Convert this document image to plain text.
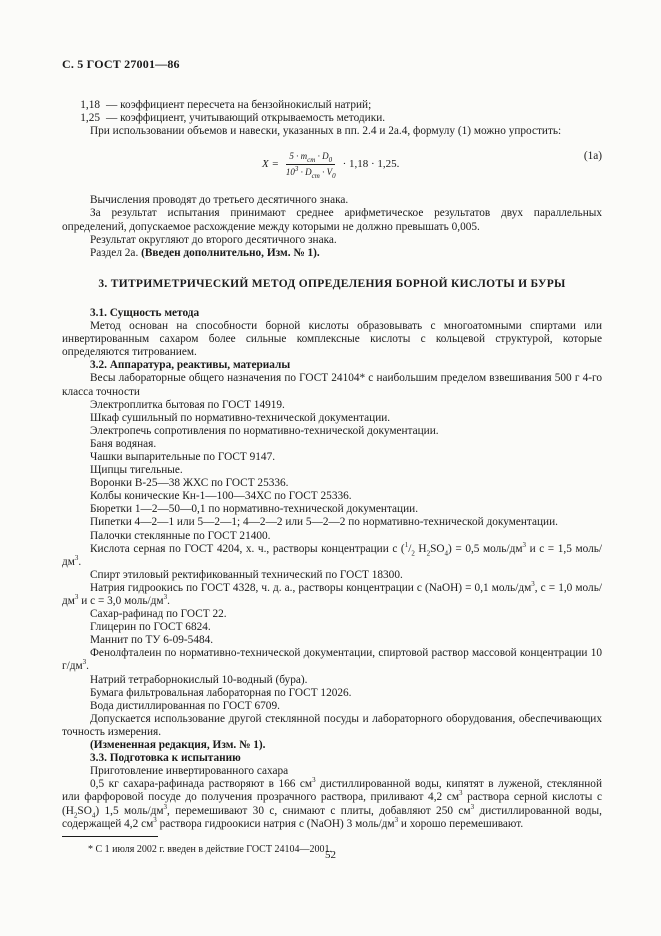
С. 5 ГОСТ 27001—86
1,18 — коэффициент пересчета на бензойнокислый натрий;
1,25 — коэффициент, учитывающий открываемость методики.

При использовании объемов и навески, указанных в пп. 2.4 и 2а.4, формулу (1) можно упростить:

$X = \frac{5 \cdot m_{ст} \cdot D_0}{10^3 \cdot D_{ст} \cdot V_0} \cdot 1,18 \cdot 1,25$.
(1а)

Вычисления проводят до третьего десятичного знака.

За результат испытания принимают среднее арифметическое результатов двух параллельных определений, допускаемое расхождение между которыми не должно превышать 0,005.

Результат округляют до второго десятичного знака.

Раздел 2а. (Введен дополнительно, Изм. № 1).

3. ТИТРИМЕТРИЧЕСКИЙ МЕТОД ОПРЕДЕЛЕНИЯ БОРНОЙ КИСЛОТЫ И БУРЫ

3.1. Сущность метода

Метод основан на способности борной кислоты образовывать с многоатомными спиртами или инвертированным сахаром более сильные комплексные кислоты с кольцевой структурой, которые определяются титрованием.

3.2. Аппаратура, реактивы, материалы

Весы лабораторные общего назначения по ГОСТ 24104* с наибольшим пределом взвешивания 500 г 4-го класса точности

Электроплитка бытовая по ГОСТ 14919.

Шкаф сушильный по нормативно-технической документации.

Электропечь сопротивления по нормативно-технической документации.

Баня водяная.

Чашки выпарительные по ГОСТ 9147.

Щипцы тигельные.

Воронки В-25—38 ЖХС по ГОСТ 25336.

Колбы конические Кн-1—100—34ХС по ГОСТ 25336.

Бюретки 1—2—50—0,1 по нормативно-технической документации.

Пипетки 4—2—1 или 5—2—1; 4—2—2 или 5—2—2 по нормативно-технической документации.

Палочки стеклянные по ГОСТ 21400.

Кислота серная по ГОСТ 4204, х. ч., растворы концентрации c ($^1/_2$ $H_2SO_4) = 0,5$ моль/$дм^3$ и c = 1,5 моль/$дм^3$.

Спирт этиловый ректификованный технический по ГОСТ 18300.

Натрия гидроокись по ГОСТ 4328, ч. д. а., растворы концентрации c (NaOH) = 0,1 моль/$дм^3$, c = 1,0 моль/$дм^3$ и c = 3,0 моль/$дм^3$.

Сахар-рафинад по ГОСТ 22.

Глицерин по ГОСТ 6824.

Маннит по ТУ 6-09-5484.

Фенолфталеин по нормативно-технической документации, спиртовой раствор массовой концентрации 10 $г/дм^3$.

Натрий тетраборнокислый 10-водный (бура).

Бумага фильтровальная лабораторная по ГОСТ 12026.

Вода дистиллированная по ГОСТ 6709.

Допускается использование другой стеклянной посуды и лабораторного оборудования, обеспечивающих точность измерения.

(Измененная редакция, Изм. № 1).

3.3. Подготовка к испытанию

Приготовление инвертированного сахара

0,5 кг сахара-рафинада растворяют в 166 $см^3$ дистиллированной воды, кипятят в луженой, стеклянной или фарфоровой посуде до получения прозрачного раствора, приливают 4,2 $см^3$ раствора серной кислоты c $(H_2SO_4)$ 1,5 моль/$дм^3$, перемешивают 30 с, снимают с плиты, добавляют 250 $см^3$ дистиллированной воды, содержащей 4,2 $см^3$ раствора гидроокиси натрия c (NaOH) 3 моль/$дм^3$ и хорошо перемешивают.

* С 1 июля 2002 г. введен в действие ГОСТ 24104—2001.

52
